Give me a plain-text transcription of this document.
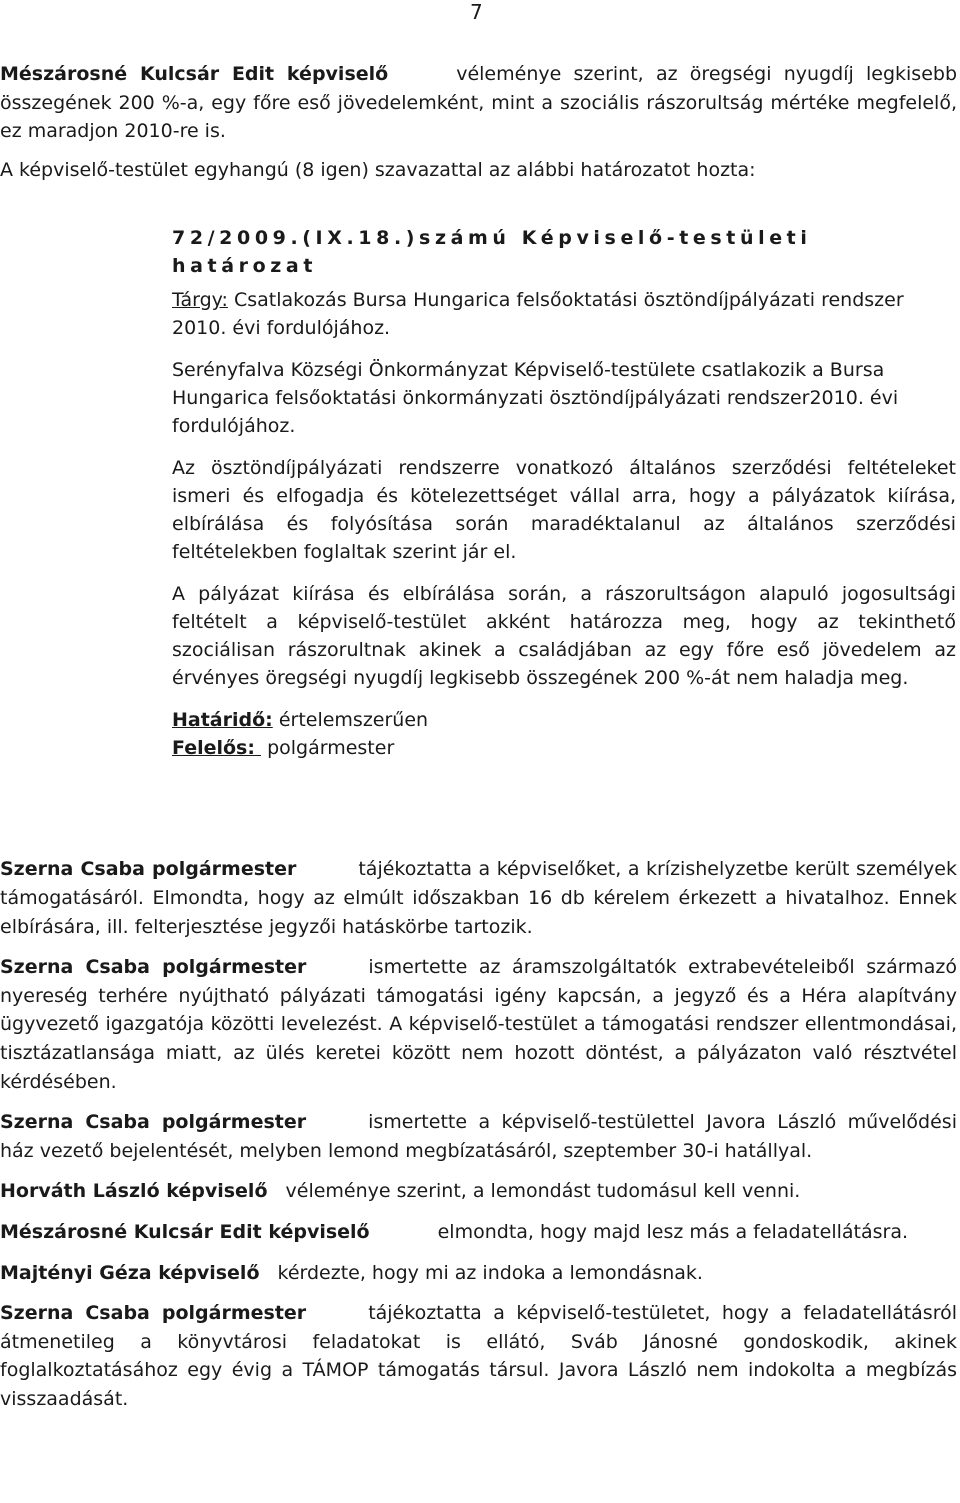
7

Mészárosné Kulcsár Edit képviselő	véleménye szerint, az öregségi nyugdíj legkisebb összegének 200 %-a, egy főre eső jövedelemként, mint a szociális rászorultság mértéke megfelelő, ez maradjon 2010-re is.

A képviselő-testület egyhangú (8 igen) szavazattal az alábbi határozatot hozta:

72/2009.(IX.18.)számú Képviselő-testületi határozat

Tárgy: Csatlakozás Bursa Hungarica felsőoktatási ösztöndíjpályázati rendszer 2010. évi fordulójához.

Serényfalva Községi Önkormányzat Képviselő-testülete csatlakozik a Bursa Hungarica felsőoktatási önkormányzati ösztöndíjpályázati rendszer2010. évi fordulójához.

Az ösztöndíjpályázati rendszerre vonatkozó általános szerződési feltételeket ismeri és elfogadja és kötelezettséget vállal arra, hogy a pályázatok kiírása, elbírálása és folyósítása során maradéktalanul az általános szerződési feltételekben foglaltak szerint jár el.

A pályázat kiírása és elbírálása során, a rászorultságon alapuló jogosultsági feltételt a képviselő-testület akként határozza meg, hogy az tekinthető szociálisan rászorultnak akinek a családjában az egy főre eső jövedelem az érvényes öregségi nyugdíj legkisebb összegének 200 %-át nem haladja meg.

Határidő: értelemszerűen

Felelős: polgármester

Szerna Csaba polgármester	tájékoztatta a képviselőket, a krízishelyzetbe került személyek támogatásáról. Elmondta, hogy az elmúlt időszakban 16 db kérelem érkezett a hivatalhoz. Ennek elbírására, ill. felterjesztése jegyzői hatáskörbe tartozik.

Szerna Csaba polgármester	ismertette az áramszolgáltatók extrabevételeiből származó nyereség terhére nyújtható pályázati támogatási igény kapcsán, a jegyző és a Héra alapítvány ügyvezető igazgatója közötti levelezést. A képviselő-testület a támogatási rendszer ellentmondásai, tisztázatlansága miatt, az ülés keretei között nem hozott döntést, a pályázaton való résztvétel kérdésében.

Szerna Csaba polgármester	ismertette a képviselő-testülettel Javora László művelődési ház vezető bejelentését, melyben lemond megbízatásáról, szeptember 30-i hatállyal.

Horváth László képviselő véleménye szerint, a lemondást tudomásul kell venni.

Mészárosné Kulcsár Edit képviselő	elmondta, hogy majd lesz más a feladatellátásra.

Majtényi Géza képviselő kérdezte, hogy mi az indoka a lemondásnak.

Szerna Csaba polgármester	tájékoztatta a képviselő-testületet, hogy a feladatellátásról átmenetileg a könyvtárosi feladatokat is ellátó, Sváb Jánosné gondoskodik, akinek foglalkoztatásához egy évig a TÁMOP támogatás társul. Javora László nem indokolta a megbízás visszaadását.
